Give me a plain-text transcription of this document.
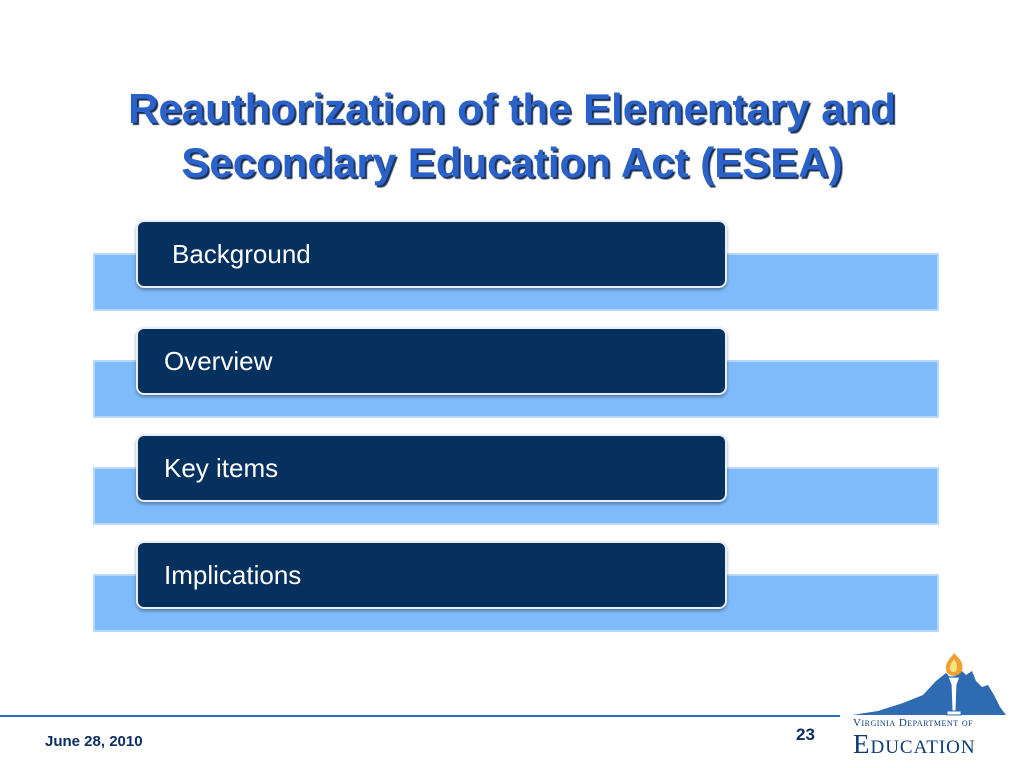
Reauthorization of the Elementary and
Secondary Education Act (ESEA)
Background
Overview
Key items
Implications
June 28, 2010	23
Virginia Department of
Education
